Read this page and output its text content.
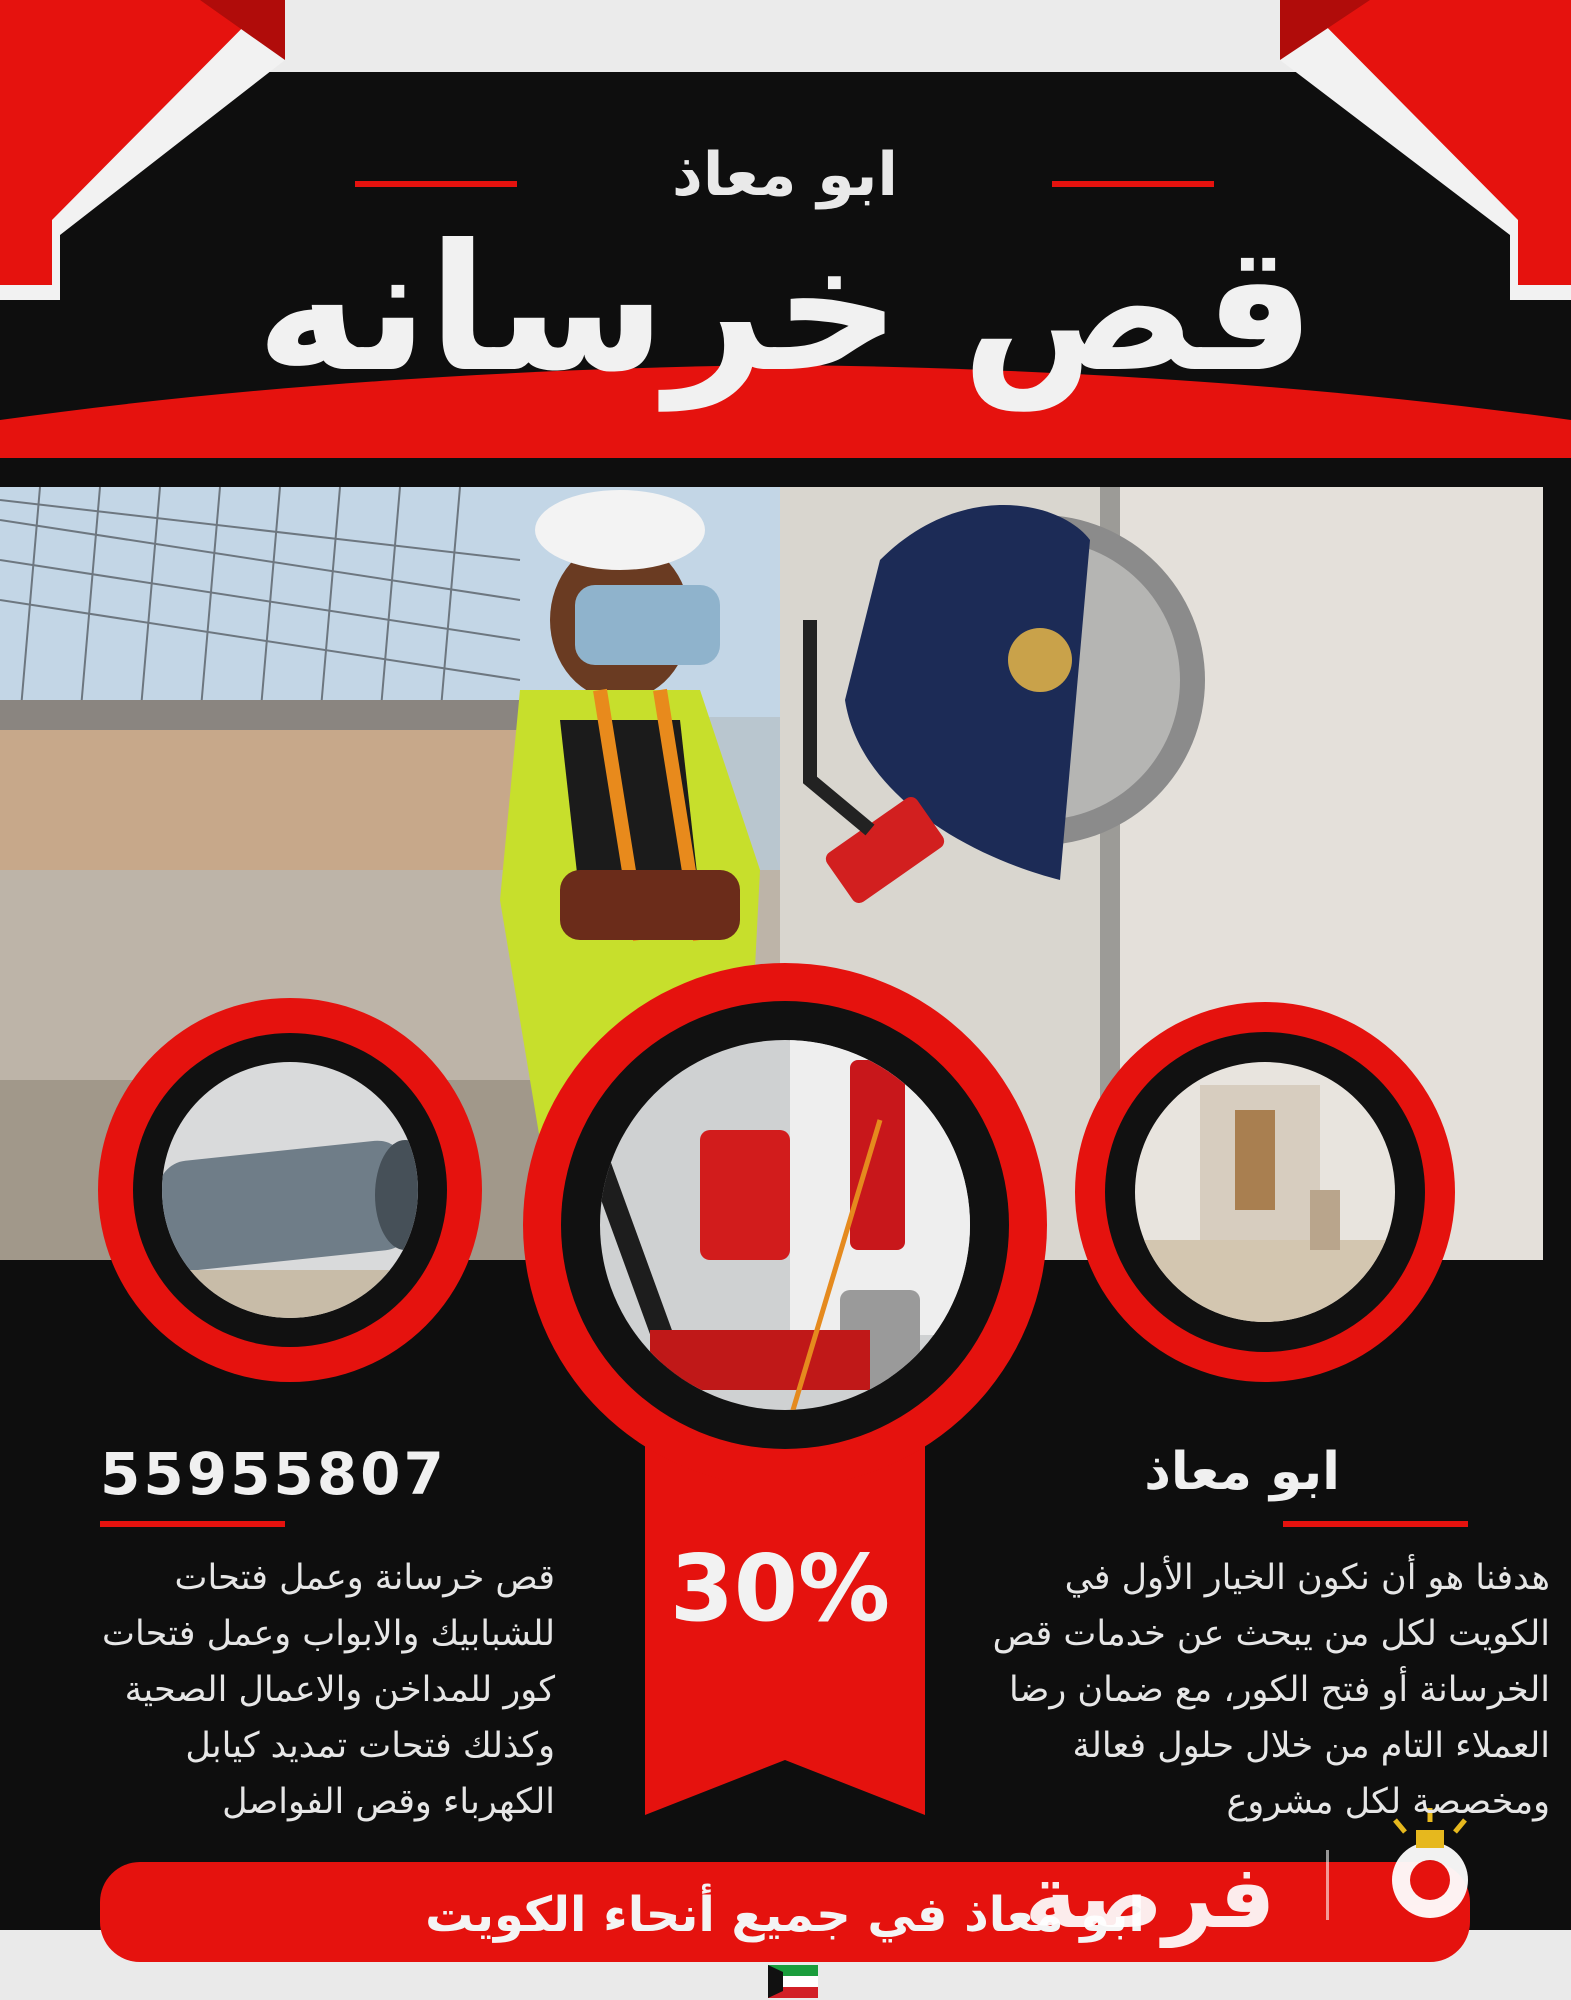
ابو معاذ
قص خرسانه
55955807	ابو معاذ
قص خرسانة وعمل فتحات للشبابيك والابواب وعمل فتحات كور للمداخن والاعمال الصحية وكذلك فتحات تمديد كيابل الكهرباء وقص الفواصل
30%	هدفنا هو أن نكون الخيار الأول في الكويت لكل من يبحث عن خدمات قص الخرسانة أو فتح الكور، مع ضمان رضا العملاء التام من خلال حلول فعالة ومخصصة لكل مشروع
ابو معاذ في جميع أنحاء الكويت
فرصة
